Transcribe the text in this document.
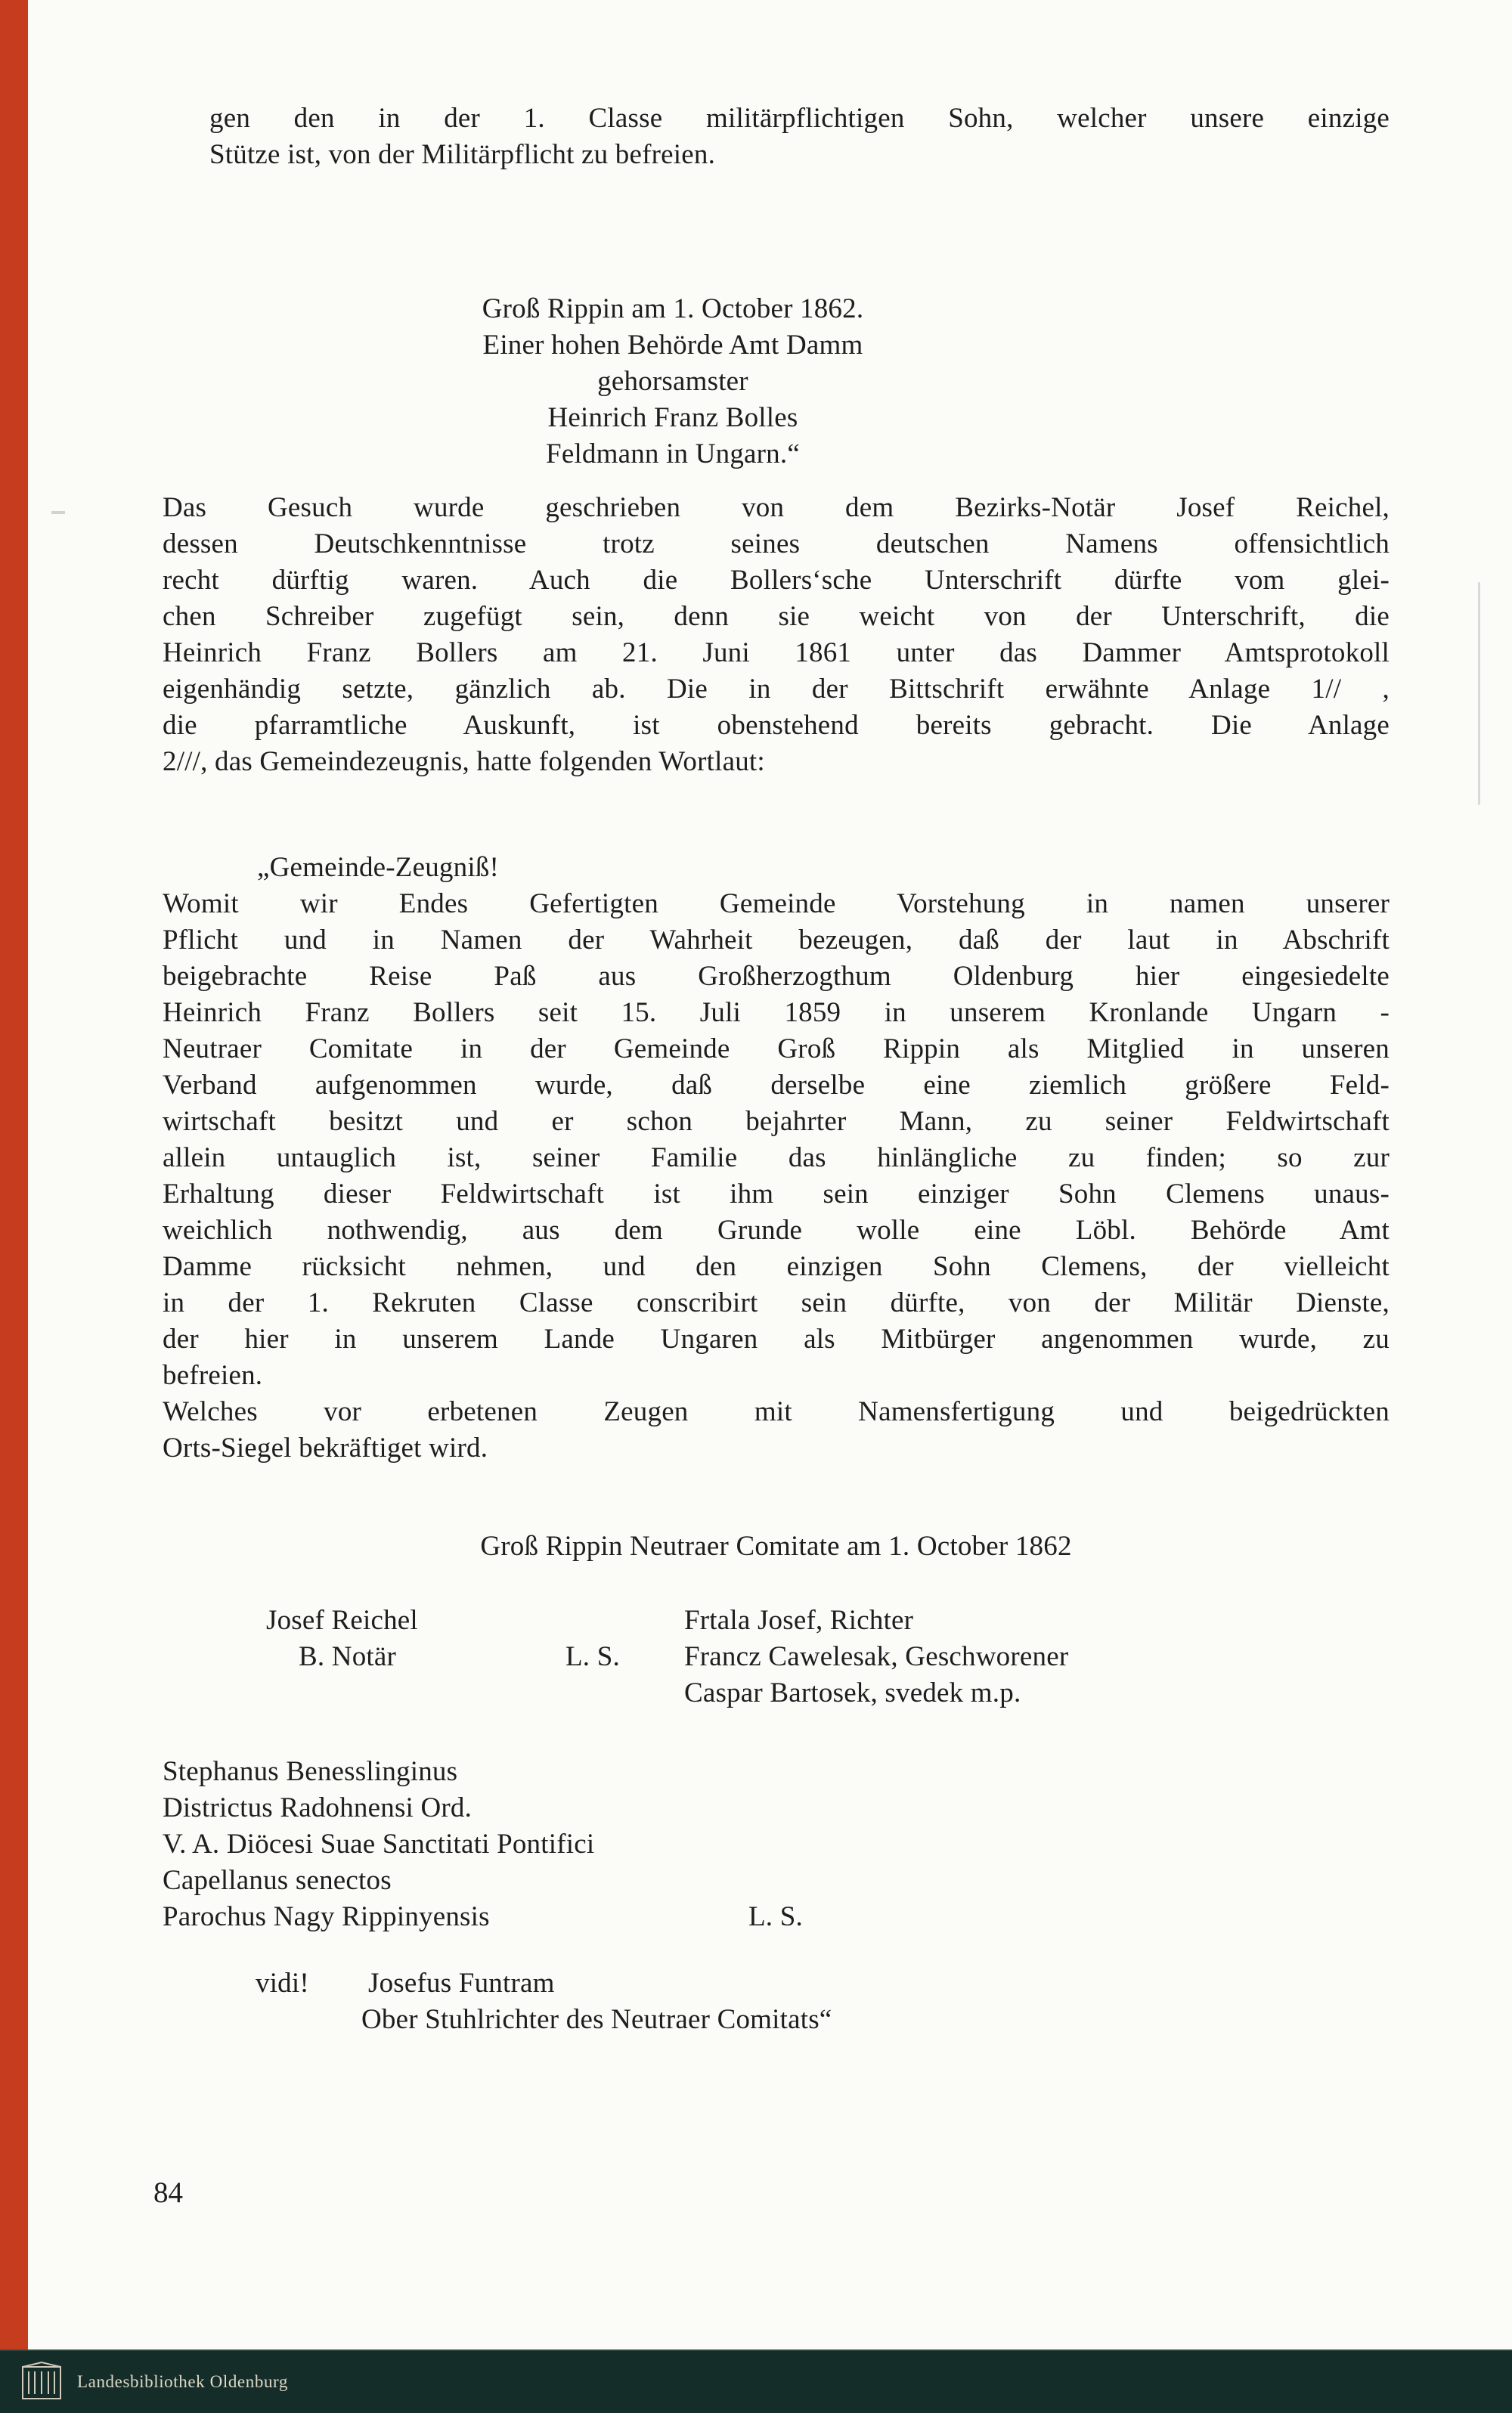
gen den in der 1. Classe militärpflichtigen Sohn, welcher unsere einzige
Stütze ist, von der Militärpflicht zu befreien.
Groß Rippin am 1. October 1862.
Einer hohen Behörde Amt Damm
gehorsamster
Heinrich Franz Bolles
Feldmann in Ungarn.“
Das Gesuch wurde geschrieben von dem Bezirks-Notär Josef Reichel,
dessen Deutschkenntnisse trotz seines deutschen Namens offensichtlich
recht dürftig waren. Auch die Bollers‘sche Unterschrift dürfte vom glei-
chen Schreiber zugefügt sein, denn sie weicht von der Unterschrift, die
Heinrich Franz Bollers am 21. Juni 1861 unter das Dammer Amtsprotokoll
eigenhändig setzte, gänzlich ab. Die in der Bittschrift erwähnte Anlage 1// ,
die pfarramtliche Auskunft, ist obenstehend bereits gebracht. Die Anlage
2///, das Gemeindezeugnis, hatte folgenden Wortlaut:
„Gemeinde-Zeugniß!
Womit wir Endes Gefertigten Gemeinde Vorstehung in namen unserer
Pflicht und in Namen der Wahrheit bezeugen, daß der laut in Abschrift
beigebrachte Reise Paß aus Großherzogthum Oldenburg hier eingesiedelte
Heinrich Franz Bollers seit 15. Juli 1859 in unserem Kronlande Ungarn -
Neutraer Comitate in der Gemeinde Groß Rippin als Mitglied in unseren
Verband aufgenommen wurde, daß derselbe eine ziemlich größere Feld-
wirtschaft besitzt und er schon bejahrter Mann, zu seiner Feldwirtschaft
allein untauglich ist, seiner Familie das hinlängliche zu finden; so zur
Erhaltung dieser Feldwirtschaft ist ihm sein einziger Sohn Clemens unaus-
weichlich nothwendig, aus dem Grunde wolle eine Löbl. Behörde Amt
Damme rücksicht nehmen, und den einzigen Sohn Clemens, der vielleicht
in der 1. Rekruten Classe conscribirt sein dürfte, von der Militär Dienste,
der hier in unserem Lande Ungaren als Mitbürger angenommen wurde, zu
befreien.
Welches vor erbetenen Zeugen mit Namensfertigung und beigedrückten
Orts-Siegel bekräftiget wird.
Groß Rippin Neutraer Comitate am 1. October 1862
Josef Reichel	Frtala Josef, Richter
B. Notär	L. S. Francz Cawelesak, Geschworener
Caspar Bartosek, svedek m.p.
Stephanus Benesslinginus
Districtus Radohnensi Ord.
V. A. Diöcesi Suae Sanctitati Pontifici
Capellanus senectos
Parochus Nagy Rippinyensis	L. S.
vidi! Josefus Funtram
Ober Stuhlrichter des Neutraer Comitats“
84
Landesbibliothek Oldenburg
